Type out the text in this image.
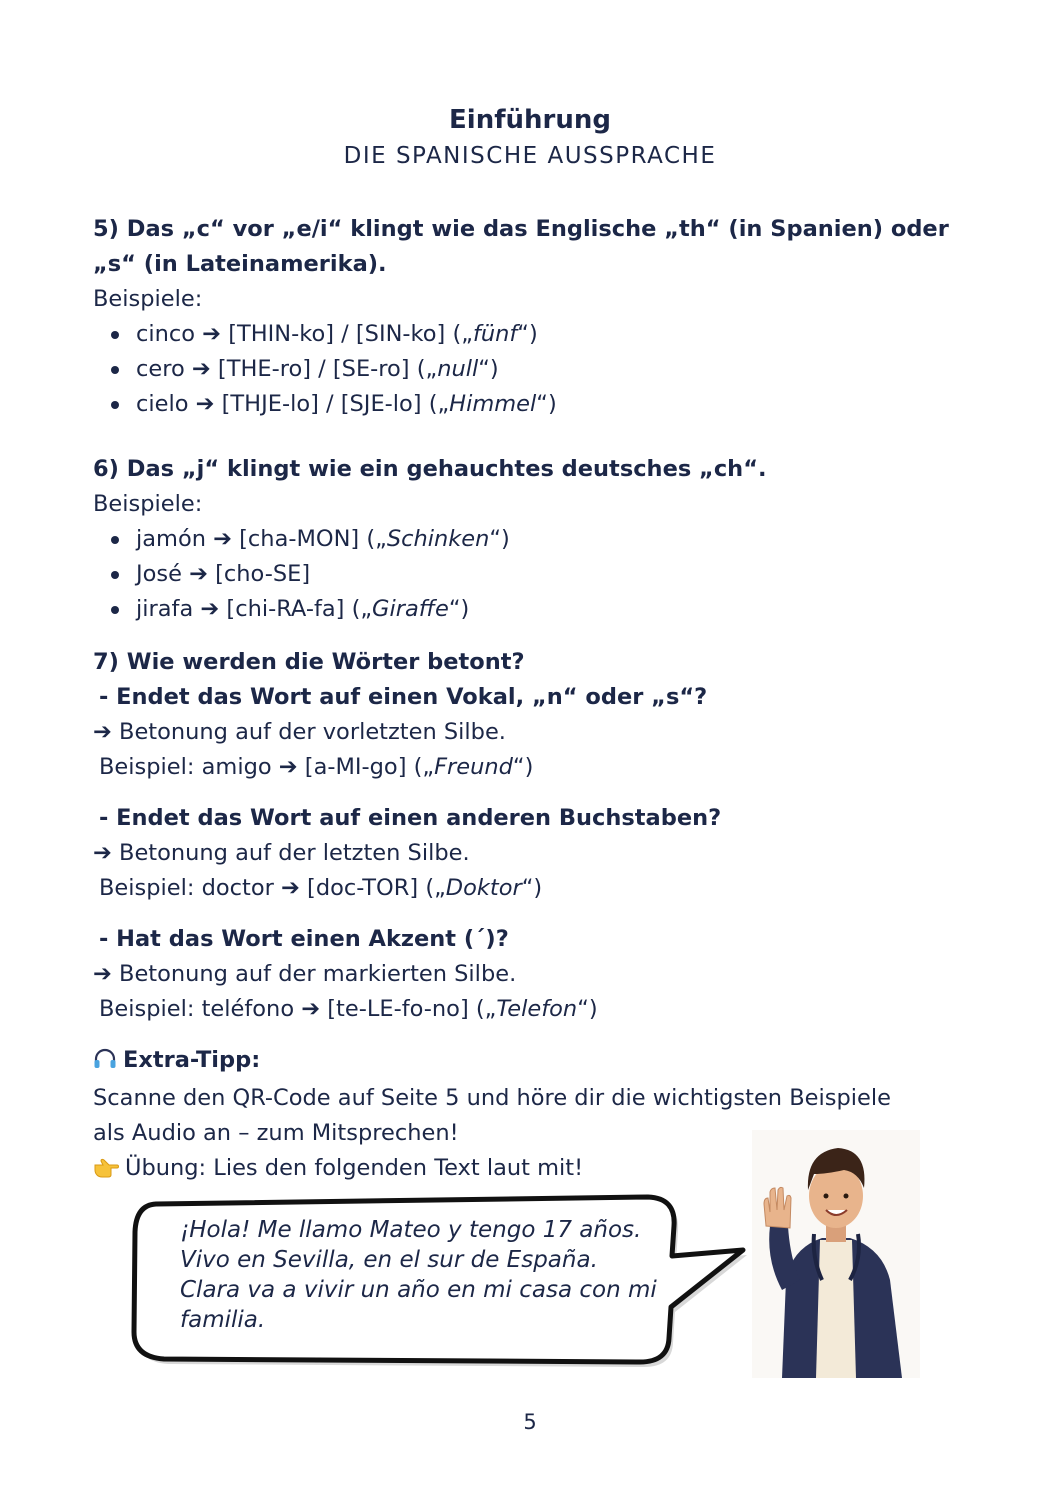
Einführung
DIE SPANISCHE AUSSPRACHE
5) Das „c“ vor „e/i“ klingt wie das Englische „th“ (in Spanien) oder „s“ (in Lateinamerika).
Beispiele:
cinco ➔ [THIN-ko] / [SIN-ko] („fünf“)
cero ➔ [THE-ro] / [SE-ro] („null“)
cielo ➔ [THJE-lo] / [SJE-lo] („Himmel“)
6) Das „j“ klingt wie ein gehauchtes deutsches „ch“.
Beispiele:
jamón ➔ [cha-MON] („Schinken“)
José ➔ [cho-SE]
jirafa ➔ [chi-RA-fa] („Giraffe“)
7) Wie werden die Wörter betont?
- Endet das Wort auf einen Vokal, „n“ oder „s“?
➔ Betonung auf der vorletzten Silbe.
Beispiel: amigo ➔ [a-MI-go] („Freund“)
- Endet das Wort auf einen anderen Buchstaben?
➔ Betonung auf der letzten Silbe.
Beispiel: doctor ➔ [doc-TOR] („Doktor“)
- Hat das Wort einen Akzent (´)?
➔ Betonung auf der markierten Silbe.
Beispiel: teléfono ➔ [te-LE-fo-no] („Telefon“)
Extra-Tipp:
Scanne den QR-Code auf Seite 5 und höre dir die wichtigsten Beispiele
als Audio an – zum Mitsprechen!
Übung: Lies den folgenden Text laut mit!
¡Hola! Me llamo Mateo y tengo 17 años.
Vivo en Sevilla, en el sur de España.
Clara va a vivir un año en mi casa con mi
familia.
5
